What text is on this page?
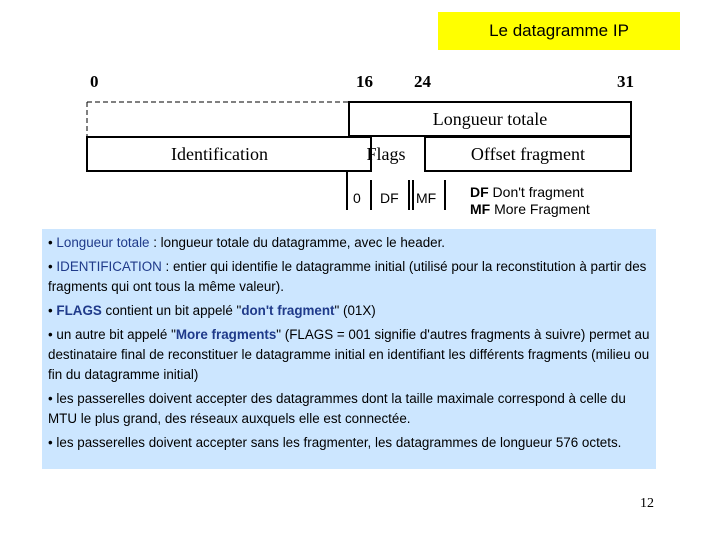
Le datagramme IP
0	16 24	31
Longueur totale
Identification	Flags	Offset fragment
0 DF MF DF Don't fragment
MF More Fragment

• Longueur totale : longueur totale du datagramme, avec le header.

• IDENTIFICATION : entier qui identifie le datagramme initial (utilisé pour la reconstitution à partir des fragments qui ont tous la même valeur).

• FLAGS contient un bit appelé "don't fragment" (01X)

• un autre bit appelé "More fragments" (FLAGS = 001 signifie d'autres fragments à suivre) permet au destinataire final de reconstituer le datagramme initial en identifiant les différents fragments (milieu ou fin du datagramme initial)

• les passerelles doivent accepter des datagrammes dont la taille maximale correspond à celle du MTU le plus grand, des réseaux auxquels elle est connectée.

• les passerelles doivent accepter sans les fragmenter, les datagrammes de longueur 576 octets.

12
